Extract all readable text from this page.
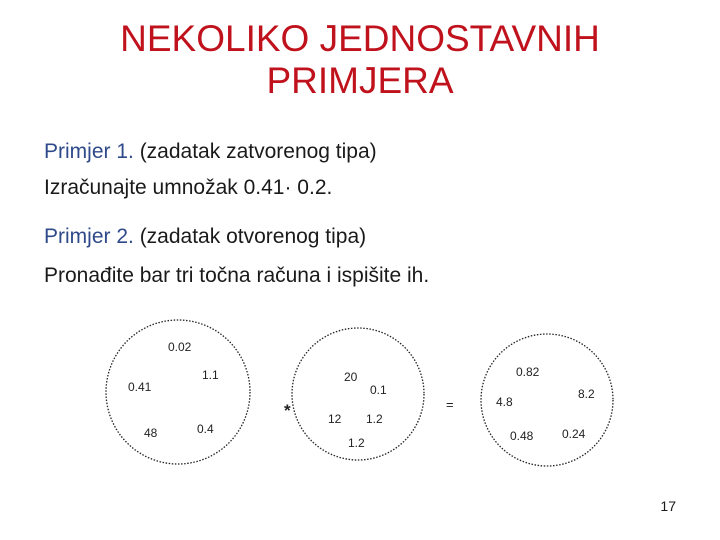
NEKOLIKO JEDNOSTAVNIH
PRIMJERA
Primjer 1. (zadatak zatvorenog tipa)
Izračunajte umnožak 0.41· 0.2.
Primjer 2. (zadatak otvorenog tipa)
Pronađite bar tri točna računa i ispišite ih.
0.02
1.1
0.41
48	0.4
*
20
0.1
12 1.2
1.2
=
0.82
8.2
4.8
0.48 0.24
17
